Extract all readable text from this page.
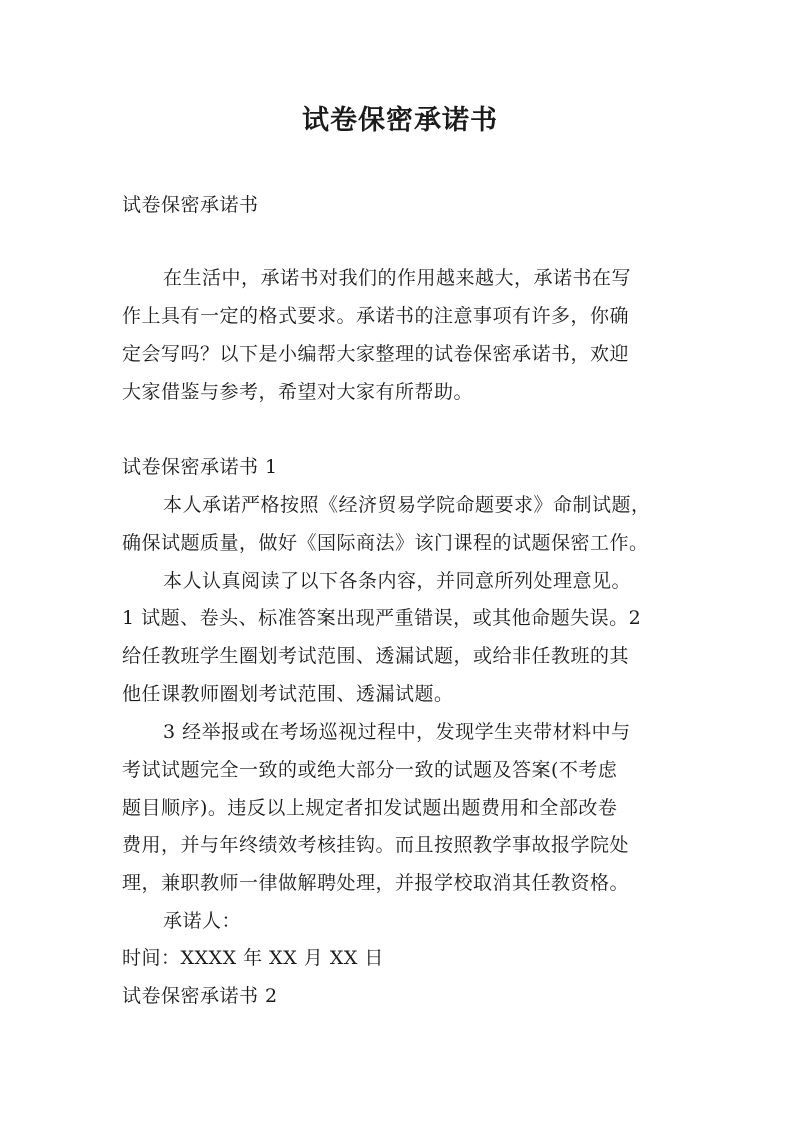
试卷保密承诺书

试卷保密承诺书

在生活中，承诺书对我们的作用越来越大，承诺书在写

作上具有一定的格式要求。承诺书的注意事项有许多，你确

定会写吗？以下是小编帮大家整理的试卷保密承诺书，欢迎

大家借鉴与参考，希望对大家有所帮助。

试卷保密承诺书 1

本人承诺严格按照《经济贸易学院命题要求》命制试题，

确保试题质量，做好《国际商法》该门课程的试题保密工作。

本人认真阅读了以下各条内容，并同意所列处理意见。

1 试题、卷头、标准答案出现严重错误，或其他命题失误。2

给任教班学生圈划考试范围、透漏试题，或给非任教班的其

他任课教师圈划考试范围、透漏试题。

3 经举报或在考场巡视过程中，发现学生夹带材料中与

考试试题完全一致的或绝大部分一致的试题及答案(不考虑

题目顺序)。违反以上规定者扣发试题出题费用和全部改卷

费用，并与年终绩效考核挂钩。而且按照教学事故报学院处

理，兼职教师一律做解聘处理，并报学校取消其任教资格。

承诺人：

时间：XXXX 年 XX 月 XX 日

试卷保密承诺书 2
